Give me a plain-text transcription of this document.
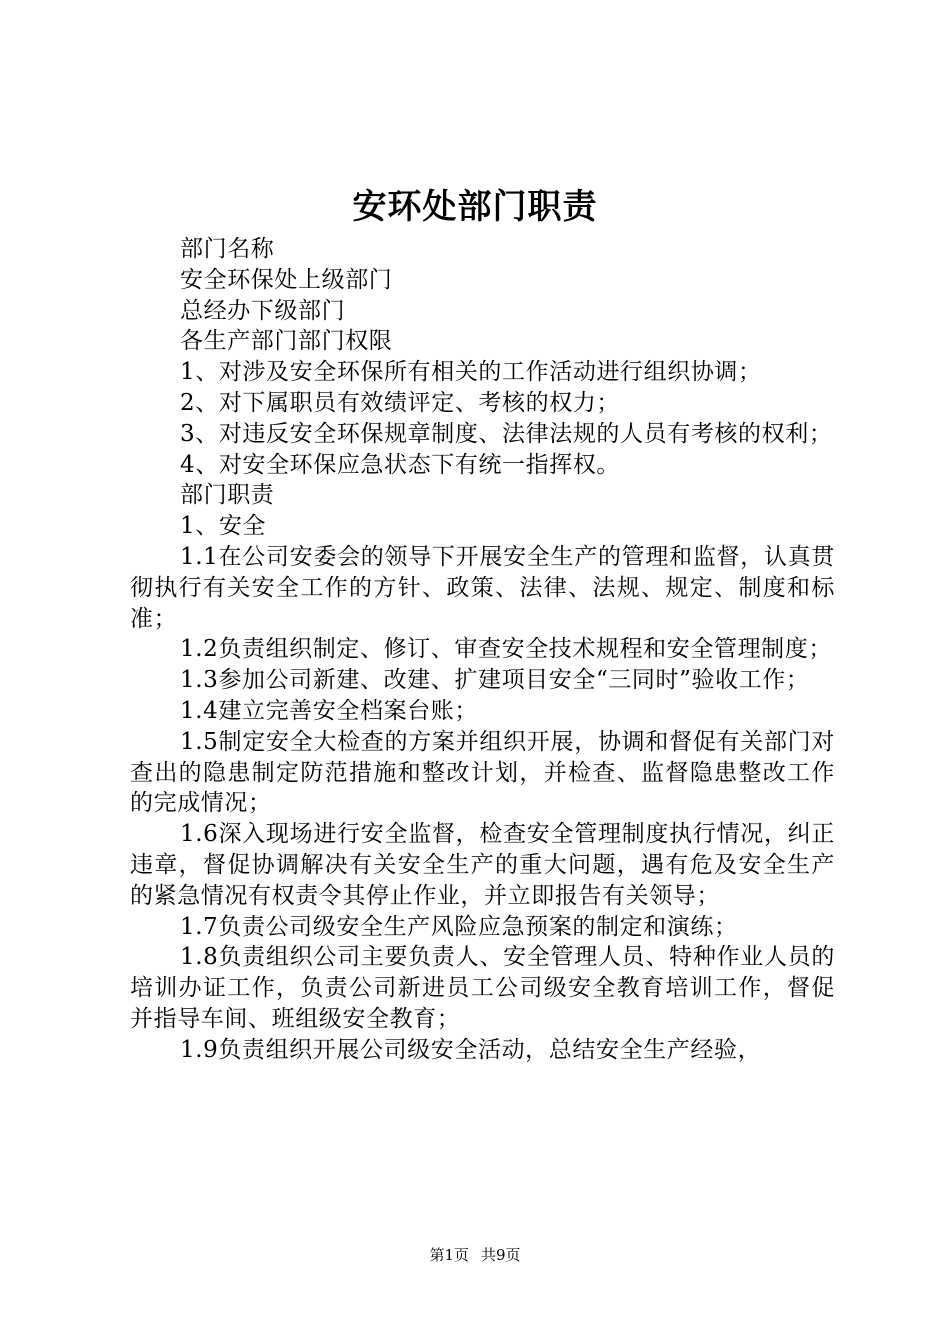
安环处部门职责

部门名称

安全环保处上级部门

总经办下级部门

各生产部门部门权限

1、对涉及安全环保所有相关的工作活动进行组织协调；

2、对下属职员有效绩评定、考核的权力；

3、对违反安全环保规章制度、法律法规的人员有考核的权利；

4、对安全环保应急状态下有统一指挥权。

部门职责

1、安全

1.1在公司安委会的领导下开展安全生产的管理和监督，认真贯彻执行有关安全工作的方针、政策、法律、法规、规定、制度和标准；

1.2负责组织制定、修订、审查安全技术规程和安全管理制度；

1.3参加公司新建、改建、扩建项目安全“三同时”验收工作；

1.4建立完善安全档案台账；

1.5制定安全大检查的方案并组织开展，协调和督促有关部门对查出的隐患制定防范措施和整改计划，并检查、监督隐患整改工作的完成情况；

1.6深入现场进行安全监督，检查安全管理制度执行情况，纠正违章，督促协调解决有关安全生产的重大问题，遇有危及安全生产的紧急情况有权责令其停止作业，并立即报告有关领导；

1.7负责公司级安全生产风险应急预案的制定和演练；

1.8负责组织公司主要负责人、安全管理人员、特种作业人员的培训办证工作，负责公司新进员工公司级安全教育培训工作，督促并指导车间、班组级安全教育；

1.9负责组织开展公司级安全活动，总结安全生产经验，

第1页 共9页
